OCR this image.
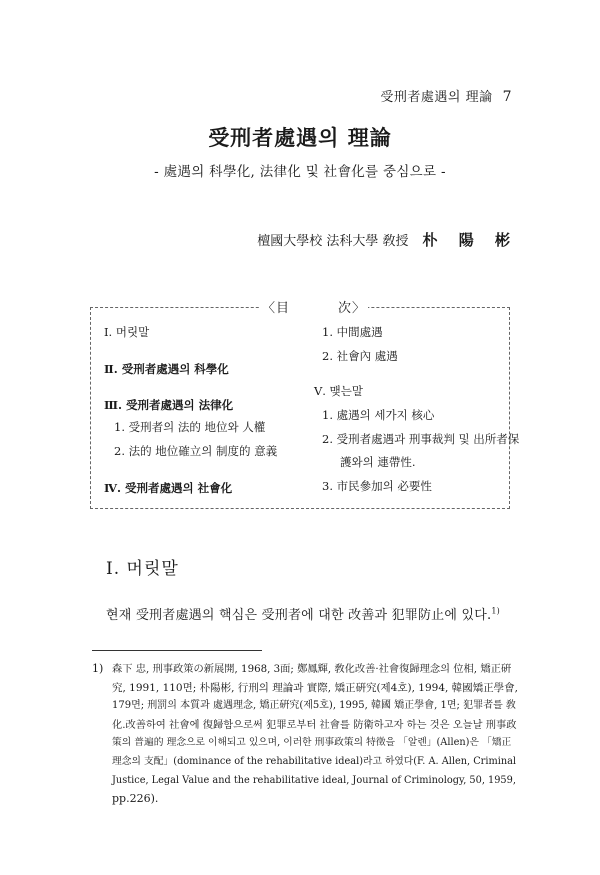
受刑者處遇의 理論 7
受刑者處遇의 理論
- 處遇의 科學化, 法律化 및 社會化를 중심으로 -
檀國大學校 法科大學 敎授 朴 陽 彬
〈目	次〉
Ⅰ. 머릿말
Ⅱ. 受刑者處遇의 科學化
Ⅲ. 受刑者處遇의 法律化
1. 受刑者의 法的 地位와 人權
2. 法的 地位確立의 制度的 意義
Ⅳ. 受刑者處遇의 社會化
1. 中間處遇
2. 社會內 處遇
Ⅴ. 맺는말
1. 處遇의 세가지 核心
2. 受刑者處遇과 刑事裁判 및 出所者保
護와의 連帶性.
3. 市民參加의 必要性
Ⅰ. 머릿말
현재 受刑者處遇의 핵심은 受刑者에 대한 改善과 犯罪防止에 있다.$^{1)}$
1) 森下 忠, 刑事政策の新展開, 1968, 3面; 鄭鳳輝, 敎化改善·社會復歸理念의 位相, 矯正硏
究, 1991, 110면; 朴陽彬, 行刑의 理論과 實際, 矯正硏究(제4호), 1994, 韓國矯正學會,
179면; 刑罰의 本質과 處遇理念, 矯正硏究(제5호), 1995, 韓國 矯正學會, 1면; 犯罪者를 敎
化.改善하여 社會에 復歸함으로써 犯罪로부터 社會를 防衛하고자 하는 것은 오늘날 刑事政
策의 普遍的 理念으로 이해되고 있으며, 이러한 刑事政策의 特徵을 「알렌」(Allen)은 「矯正
理念의 支配」(dominance of the rehabilitative ideal)라고 하였다(F. A. Allen, Criminal
Justice, Legal Value and the rehabilitative ideal, Journal of Criminology, 50, 1959,
pp.226).
